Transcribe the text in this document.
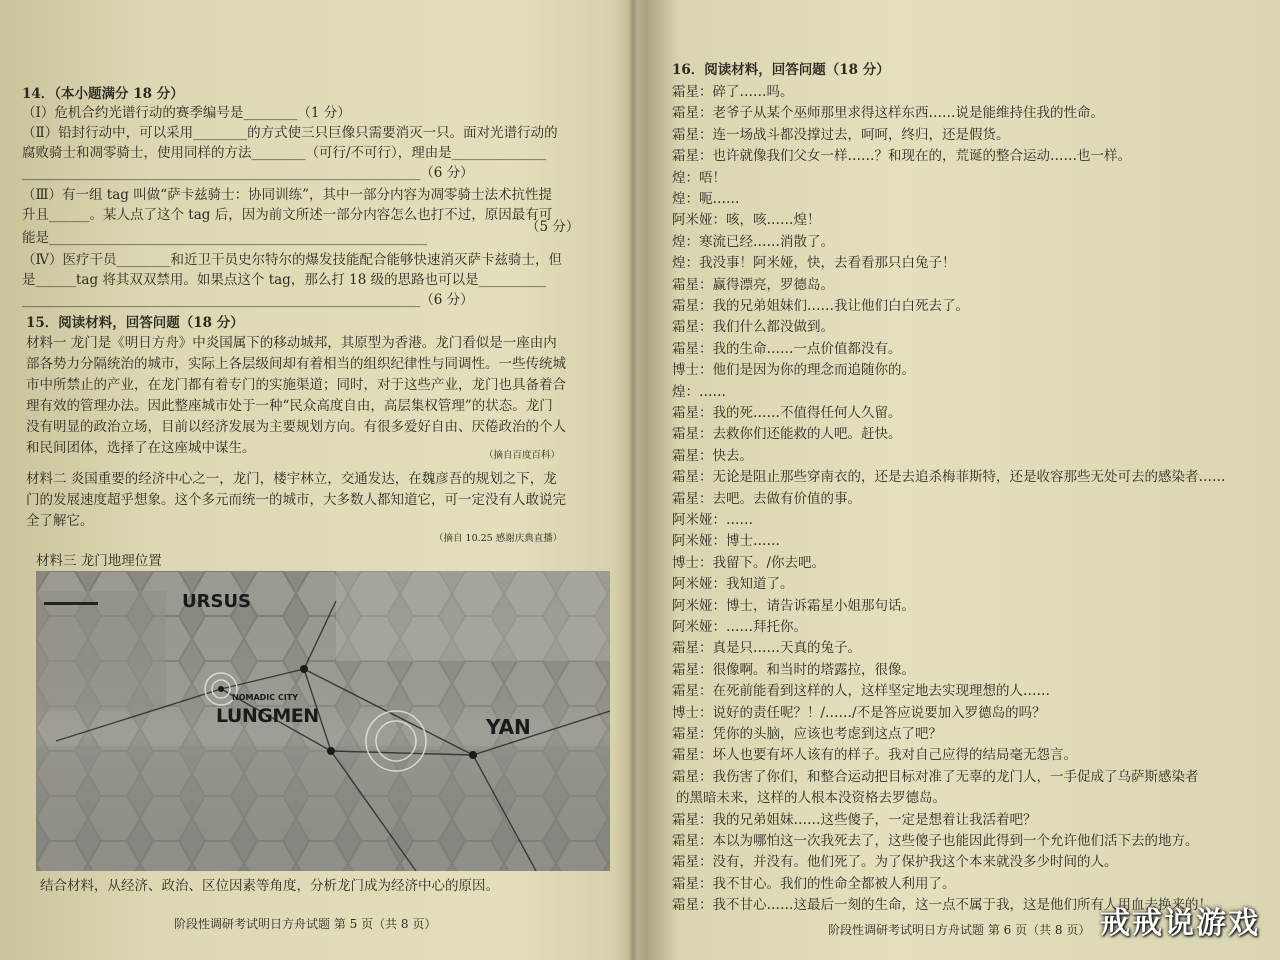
14．（本小题满分 18 分）
（Ⅰ）危机合约光谱行动的赛季编号是________（1 分）
（Ⅱ）铅封行动中，可以采用________的方式使三只巨像只需要消灭一只。面对光谱行动的
腐败骑士和凋零骑士，使用同样的方法________（可行/不可行），理由是______________
___________________________________________________________（6 分）
（Ⅲ）有一组 tag 叫做“萨卡兹骑士：协同训练”，其中一部分内容为凋零骑士法术抗性提
升且______。某人点了这个 tag 后，因为前文所述一部分内容怎么也打不过，原因最有可
（5 分）
能是________________________________________________________
（Ⅳ）医疗干员________和近卫干员史尔特尔的爆发技能配合能够快速消灭萨卡兹骑士，但
是______tag 将其双双禁用。如果点这个 tag，那么打 18 级的思路也可以是__________
___________________________________________________________（6 分）
15．阅读材料，回答问题（18 分）
材料一 龙门是《明日方舟》中炎国属下的移动城邦，其原型为香港。龙门看似是一座由内
部各势力分隔统治的城市，实际上各层级间却有着相当的组织纪律性与同调性。一些传统城
市中所禁止的产业，在龙门都有着专门的实施渠道；同时，对于这些产业，龙门也具备着合
理有效的管理办法。因此整座城市处于一种“民众高度自由，高层集权管理”的状态。龙门
没有明显的政治立场，目前以经济发展为主要规划方向。有很多爱好自由、厌倦政治的个人
和民间团体，选择了在这座城中谋生。	（摘自百度百科）
材料二 炎国重要的经济中心之一，龙门，楼宇林立，交通发达，在魏彦吾的规划之下，龙
门的发展速度超乎想象。这个多元而统一的城市，大多数人都知道它，可一定没有人敢说完
全了解它。
（摘自 10.25 感谢庆典直播）
材料三 龙门地理位置
URSUS
NOMADIC CITY
LUNGMEN	YAN
结合材料，从经济、政治、区位因素等角度，分析龙门成为经济中心的原因。
阶段性调研考试明日方舟试题 第 5 页（共 8 页）
16．阅读材料，回答问题（18 分）
霜星：碎了……吗。
霜星：老爷子从某个巫师那里求得这样东西……说是能维持住我的性命。
霜星：连一场战斗都没撑过去，呵呵，终归，还是假货。
霜星：也许就像我们父女一样……？和现在的，荒诞的整合运动……也一样。
煌：唔！
煌：呃……
阿米娅：咳，咳……煌！
煌：寒流已经……消散了。
煌：我没事！阿米娅，快，去看看那只白兔子！
霜星：赢得漂亮，罗德岛。
霜星：我的兄弟姐妹们……我让他们白白死去了。
霜星：我们什么都没做到。
霜星：我的生命……一点价值都没有。
博士：他们是因为你的理念而追随你的。
煌：……
霜星：我的死……不值得任何人久留。
霜星：去救你们还能救的人吧。赶快。
霜星：快去。
霜星：无论是阻止那些穿南衣的，还是去追杀梅菲斯特，还是收容那些无处可去的感染者……
霜星：去吧。去做有价值的事。
阿米娅：……
阿米娅：博士……
博士：我留下。/你去吧。
阿米娅：我知道了。
阿米娅：博士，请告诉霜星小姐那句话。
阿米娅：……拜托你。
霜星：真是只……天真的兔子。
霜星：很像啊。和当时的塔露拉，很像。
霜星：在死前能看到这样的人，这样坚定地去实现理想的人……
博士：说好的责任呢？！/……/不是答应说要加入罗德岛的吗？
霜星：凭你的头脑，应该也考虑到这点了吧？
霜星：坏人也要有坏人该有的样子。我对自己应得的结局毫无怨言。
霜星：我伤害了你们，和整合运动把目标对准了无辜的龙门人，一手促成了乌萨斯感染者
的黑暗未来，这样的人根本没资格去罗德岛。
霜星：我的兄弟姐妹……这些傻子，一定是想着让我活着吧？
霜星：本以为哪怕这一次我死去了，这些傻子也能因此得到一个允许他们活下去的地方。
霜星：没有，并没有。他们死了。为了保护我这个本来就没多少时间的人。
霜星：我不甘心。我们的性命全都被人利用了。
霜星：我不甘心……这最后一刻的生命，这一点不属于我，这是他们所有人用血去换来的！
阶段性调研考试明日方舟试题 第 6 页（共 8 页） 戒戒说游戏
